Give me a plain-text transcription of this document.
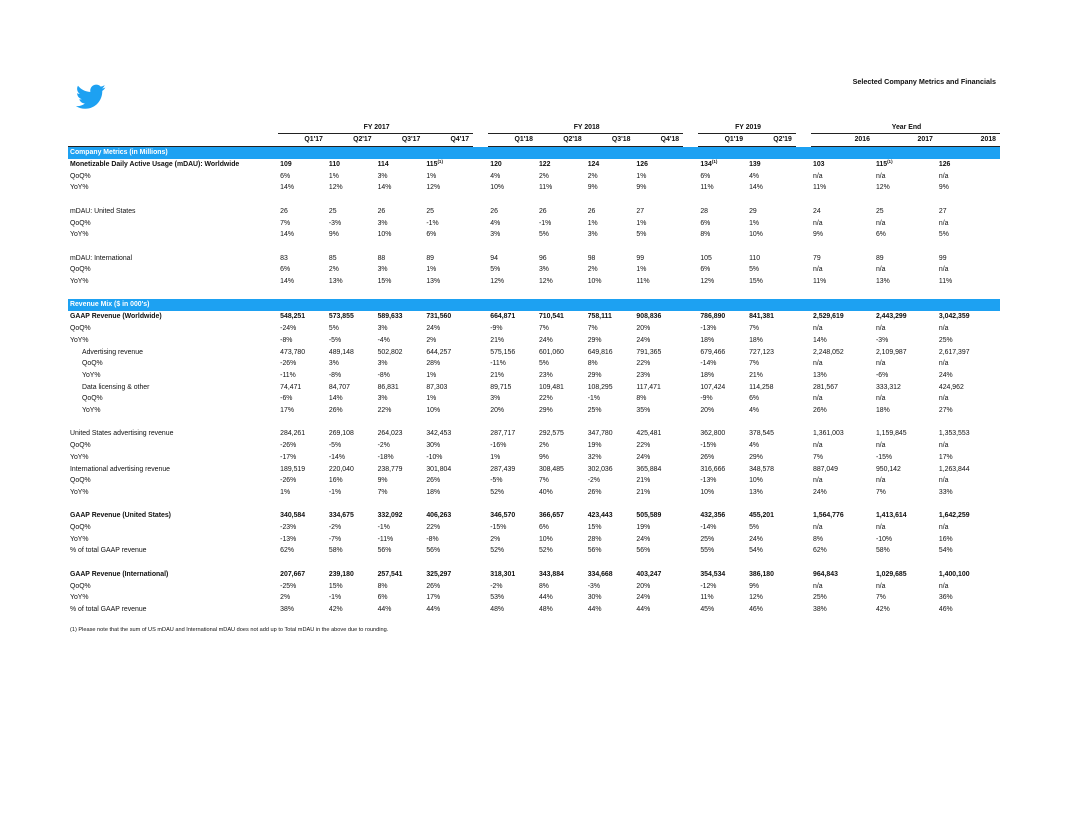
Selected Company Metrics and Financials
	FY 2017					FY 2018					FY 2019			Year End		
	Q1'17	Q2'17	Q3'17	Q4'17		Q1'18	Q2'18	Q3'18	Q4'18		Q1'19	Q2'19		2016	2017	2018
Company Metrics (in Millions)																
Monetizable Daily Active Usage (mDAU): Worldwide	109	110	114	115$^{(1)}$		120	122	124	126		134$^{(1)}$	139		103	115$^{(1)}$	126
QoQ%	6%	1%	3%	1%		4%	2%	2%	1%		6%	4%		n/a	n/a	n/a
YoY%	14%	12%	14%	12%		10%	11%	9%	9%		11%	14%		11%	12%	9%

mDAU: United States	26	25	26	25		26	26	26	27		28	29		24	25	27
QoQ%	7%	-3%	3%	-1%		4%	-1%	1%	1%		6%	1%		n/a	n/a	n/a
YoY%	14%	9%	10%	6%		3%	5%	3%	5%		8%	10%		9%	6%	5%

mDAU: International	83	85	88	89		94	96	98	99		105	110		79	89	99
QoQ%	6%	2%	3%	1%		5%	3%	2%	1%		6%	5%		n/a	n/a	n/a
YoY%	14%	13%	15%	13%		12%	12%	10%	11%		12%	15%		11%	13%	11%

Revenue Mix ($ in 000's)																
GAAP Revenue (Worldwide)	548,251	573,855	589,633	731,560		664,871	710,541	758,111	908,836		786,890	841,381		2,529,619	2,443,299	3,042,359
QoQ%	-24%	5%	3%	24%		-9%	7%	7%	20%		-13%	7%		n/a	n/a	n/a
YoY%	-8%	-5%	-4%	2%		21%	24%	29%	24%		18%	18%		14%	-3%	25%
Advertising revenue	473,780	489,148	502,802	644,257		575,156	601,060	649,816	791,365		679,466	727,123		2,248,052	2,109,987	2,617,397
QoQ%	-26%	3%	3%	28%		-11%	5%	8%	22%		-14%	7%		n/a	n/a	n/a
YoY%	-11%	-8%	-8%	1%		21%	23%	29%	23%		18%	21%		13%	-6%	24%
Data licensing & other	74,471	84,707	86,831	87,303		89,715	109,481	108,295	117,471		107,424	114,258		281,567	333,312	424,962
QoQ%	-6%	14%	3%	1%		3%	22%	-1%	8%		-9%	6%		n/a	n/a	n/a
YoY%	17%	26%	22%	10%		20%	29%	25%	35%		20%	4%		26%	18%	27%

United States advertising revenue	284,261	269,108	264,023	342,453		287,717	292,575	347,780	425,481		362,800	378,545		1,361,003	1,159,845	1,353,553
QoQ%	-26%	-5%	-2%	30%		-16%	2%	19%	22%		-15%	4%		n/a	n/a	n/a
YoY%	-17%	-14%	-18%	-10%		1%	9%	32%	24%		26%	29%		7%	-15%	17%
International advertising revenue	189,519	220,040	238,779	301,804		287,439	308,485	302,036	365,884		316,666	348,578		887,049	950,142	1,263,844
QoQ%	-26%	16%	9%	26%		-5%	7%	-2%	21%		-13%	10%		n/a	n/a	n/a
YoY%	1%	-1%	7%	18%		52%	40%	26%	21%		10%	13%		24%	7%	33%

GAAP Revenue (United States)	340,584	334,675	332,092	406,263		346,570	366,657	423,443	505,589		432,356	455,201		1,564,776	1,413,614	1,642,259
QoQ%	-23%	-2%	-1%	22%		-15%	6%	15%	19%		-14%	5%		n/a	n/a	n/a
YoY%	-13%	-7%	-11%	-8%		2%	10%	28%	24%		25%	24%		8%	-10%	16%
% of total GAAP revenue	62%	58%	56%	56%		52%	52%	56%	56%		55%	54%		62%	58%	54%

GAAP Revenue (International)	207,667	239,180	257,541	325,297		318,301	343,884	334,668	403,247		354,534	386,180		964,843	1,029,685	1,400,100
QoQ%	-25%	15%	8%	26%		-2%	8%	-3%	20%		-12%	9%		n/a	n/a	n/a
YoY%	2%	-1%	6%	17%		53%	44%	30%	24%		11%	12%		25%	7%	36%
% of total GAAP revenue	38%	42%	44%	44%		48%	48%	44%	44%		45%	46%		38%	42%	46%
(1) Please note that the sum of US mDAU and International mDAU does not add up to Total mDAU in the above due to rounding.
